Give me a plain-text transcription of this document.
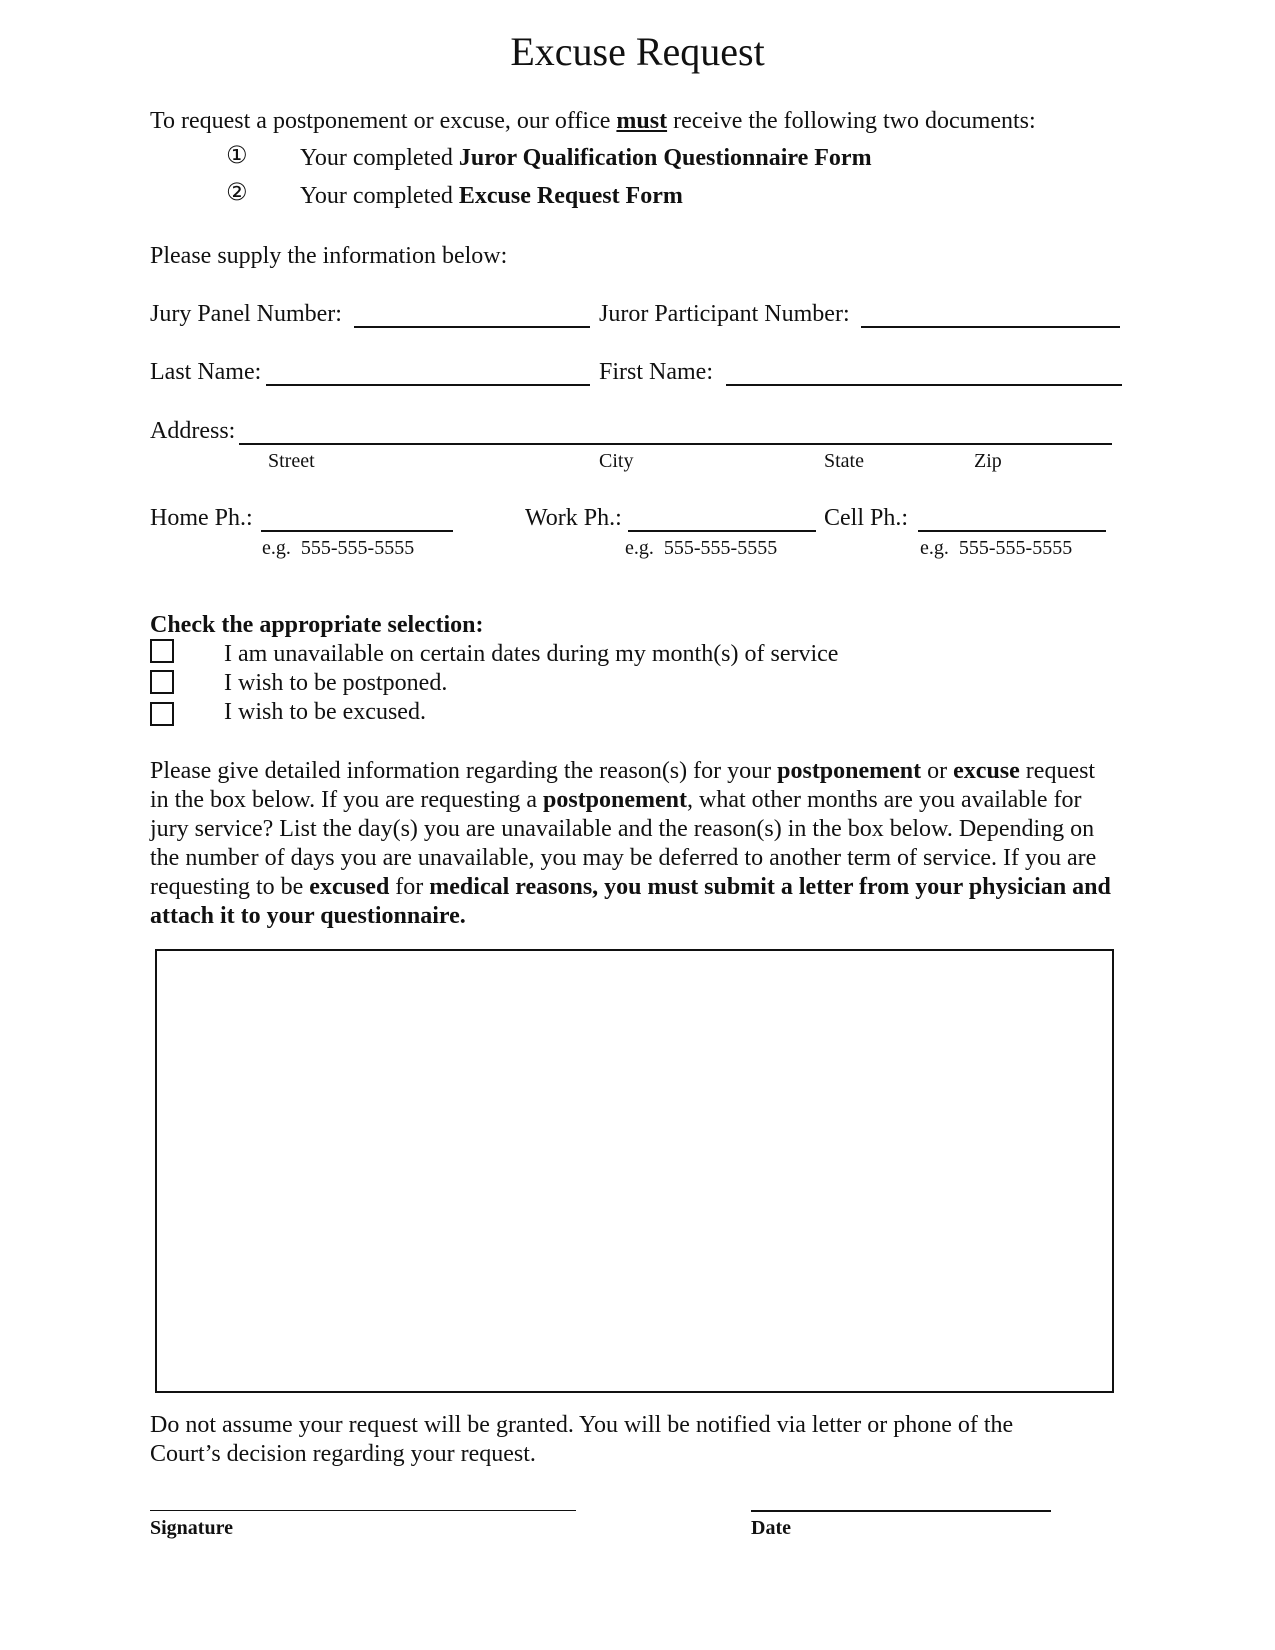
Excuse Request
To request a postponement or excuse, our office must receive the following two documents:
① Your completed Juror Qualification Questionnaire Form
② Your completed Excuse Request Form
Please supply the information below:
Jury Panel Number:	Juror Participant Number:
Last Name:	First Name:
Address:
Street	City	State	Zip
Home Ph.:
e.g.  555-555-5555
Work Ph.:
e.g.  555-555-5555
Cell Ph.:
e.g.  555-555-5555
Check the appropriate selection:
I am unavailable on certain dates during my month(s) of service
I wish to be postponed.
I wish to be excused.
Please give detailed information regarding the reason(s) for your postponement or excuse request
in the box below. If you are requesting a postponement, what other months are you available for
jury service? List the day(s) you are unavailable and the reason(s) in the box below. Depending on
the number of days you are unavailable, you may be deferred to another term of service. If you are
requesting to be excused for medical reasons, you must submit a letter from your physician and
attach it to your questionnaire.
Do not assume your request will be granted. You will be notified via letter or phone of the
Court’s decision regarding your request.
Signature	Date
